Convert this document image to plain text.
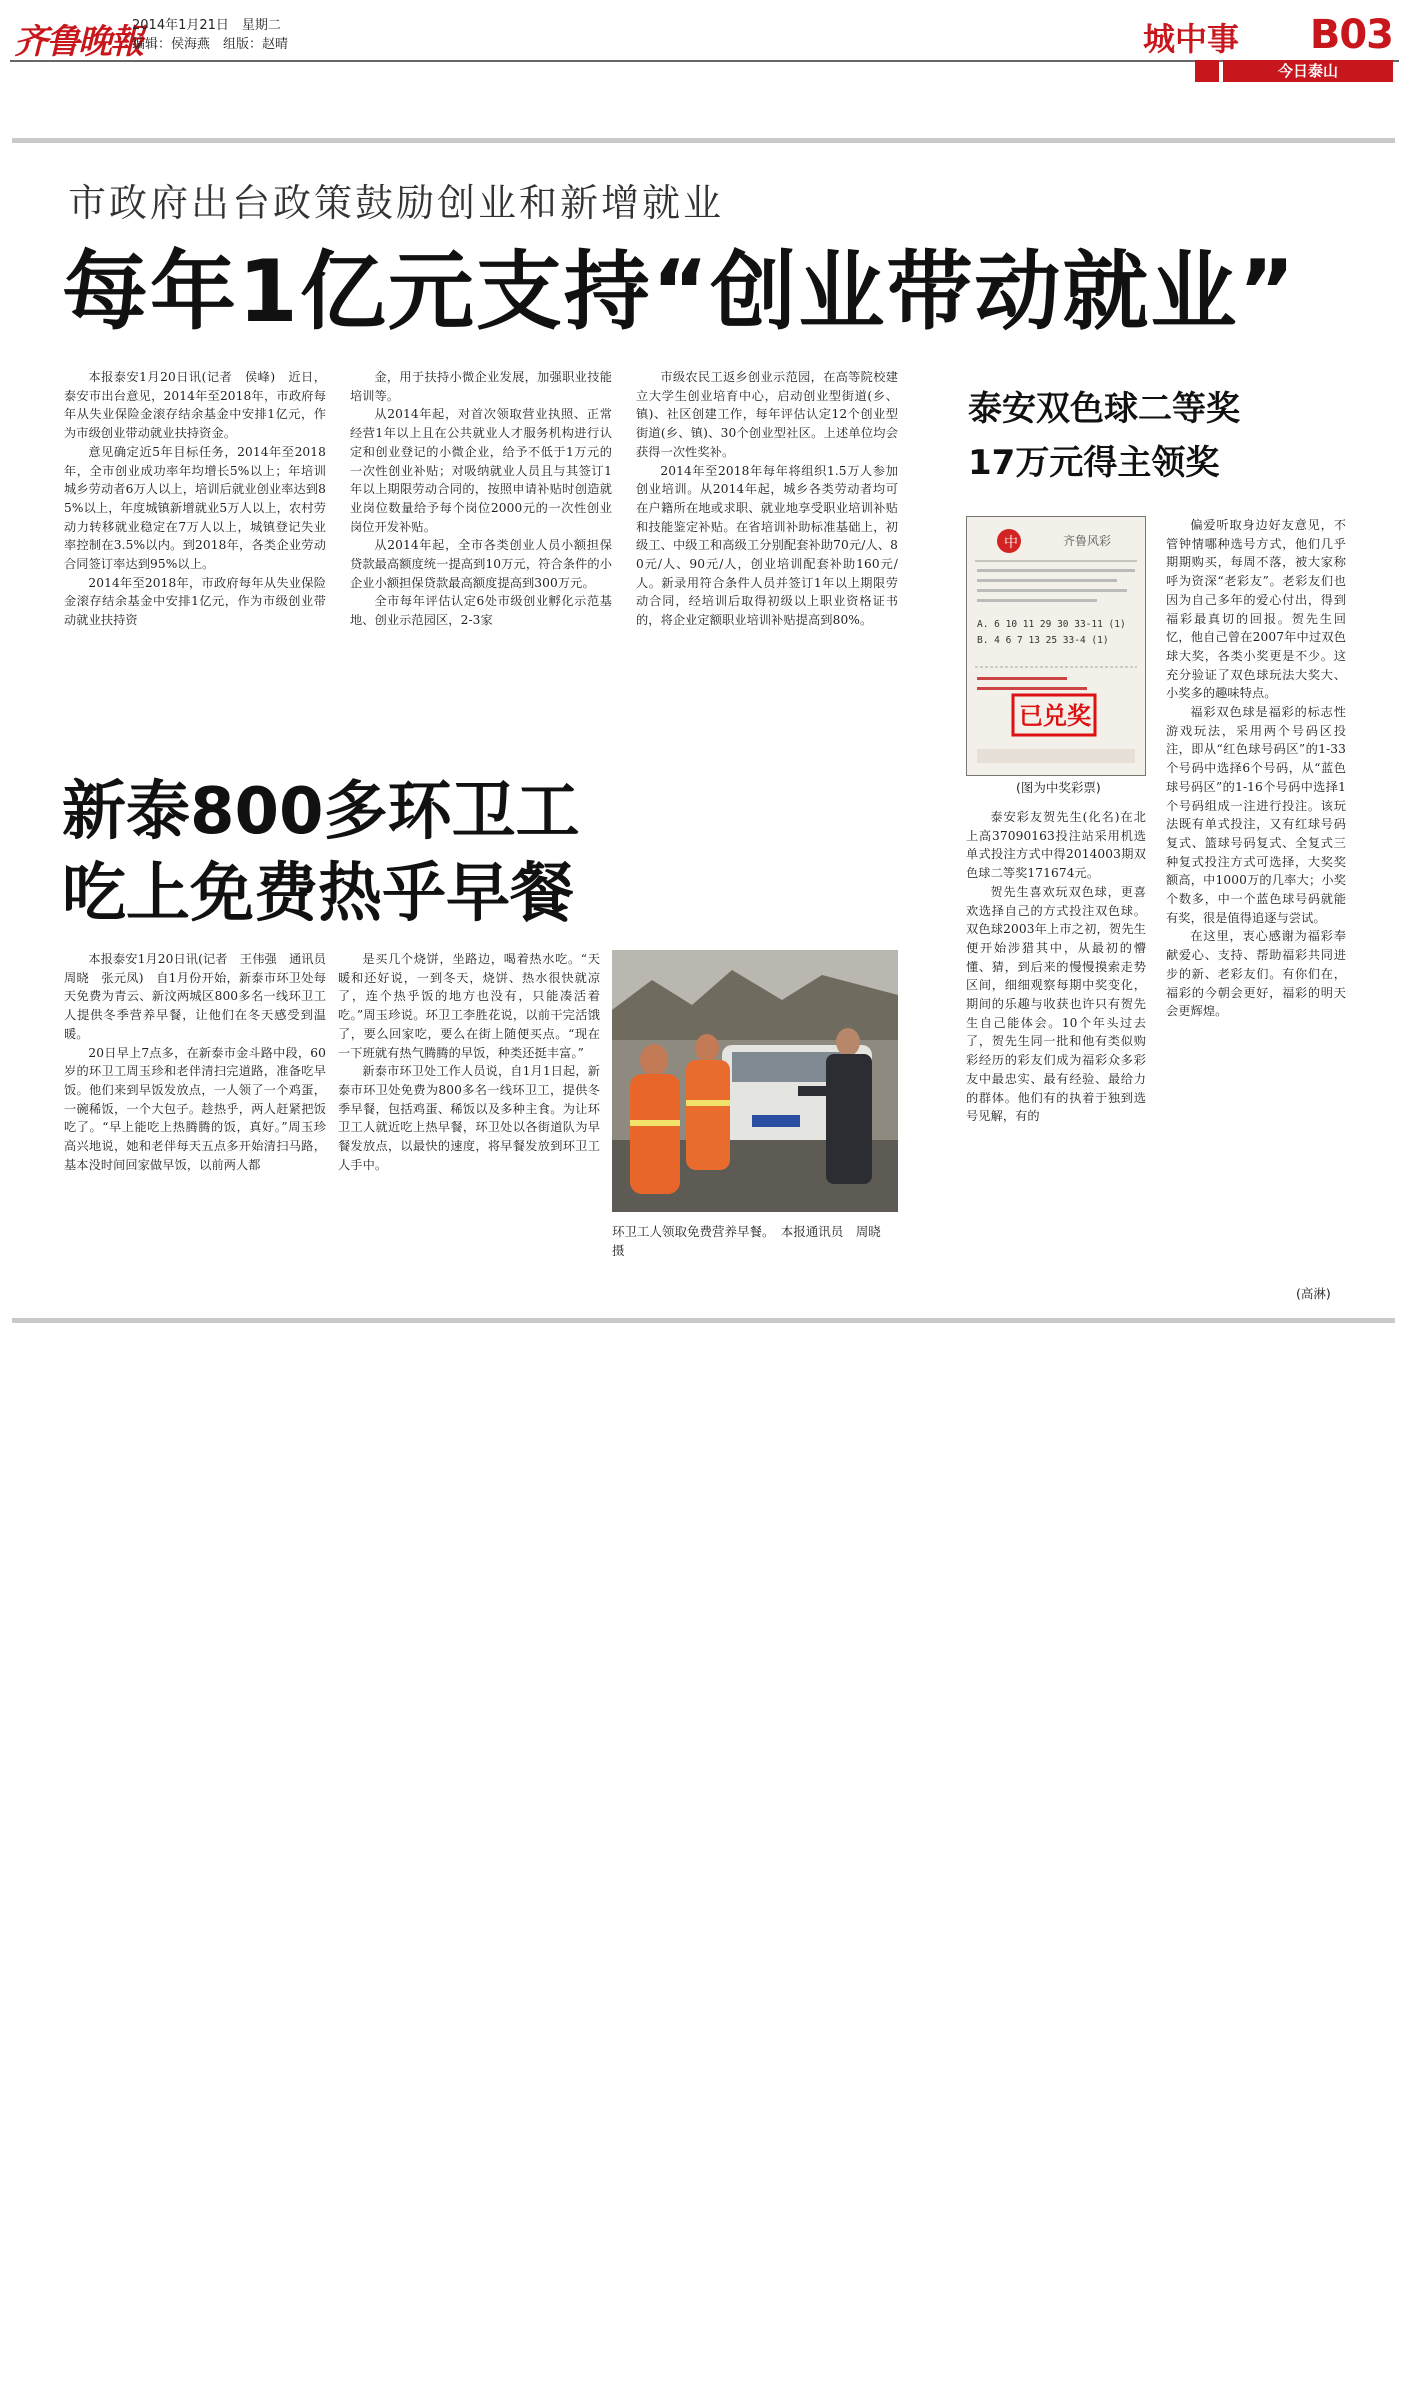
齐鲁晚報
2014年1月21日　星期二
编辑：侯海燕　组版：赵晴	城中事 B03
今日泰山
市政府出台政策鼓励创业和新增就业
每年1亿元支持“创业带动就业”

本报泰安1月20日讯(记者　侯峰)　近日，泰安市出台意见，2014年至2018年，市政府每年从失业保险金滚存结余基金中安排1亿元，作为市级创业带动就业扶持资金。

意见确定近5年目标任务，2014年至2018年，全市创业成功率年均增长5%以上；年培训城乡劳动者6万人以上，培训后就业创业率达到85%以上，年度城镇新增就业5万人以上，农村劳动力转移就业稳定在7万人以上，城镇登记失业率控制在3.5%以内。到2018年，各类企业劳动合同签订率达到95%以上。

2014年至2018年，市政府每年从失业保险金滚存结余基金中安排1亿元，作为市级创业带动就业扶持资

金，用于扶持小微企业发展，加强职业技能培训等。

从2014年起，对首次领取营业执照、正常经营1年以上且在公共就业人才服务机构进行认定和创业登记的小微企业，给予不低于1万元的一次性创业补贴；对吸纳就业人员且与其签订1年以上期限劳动合同的，按照申请补贴时创造就业岗位数量给予每个岗位2000元的一次性创业岗位开发补贴。

从2014年起，全市各类创业人员小额担保贷款最高额度统一提高到10万元，符合条件的小企业小额担保贷款最高额度提高到300万元。

全市每年评估认定6处市级创业孵化示范基地、创业示范园区，2-3家

市级农民工返乡创业示范园，在高等院校建立大学生创业培育中心，启动创业型街道(乡、镇)、社区创建工作，每年评估认定12个创业型街道(乡、镇)、30个创业型社区。上述单位均会获得一次性奖补。

2014年至2018年每年将组织1.5万人参加创业培训。从2014年起，城乡各类劳动者均可在户籍所在地或求职、就业地享受职业培训补贴和技能鉴定补贴。在省培训补助标准基础上，初级工、中级工和高级工分别配套补助70元/人、80元/人、90元/人，创业培训配套补助160元/人。新录用符合条件人员并签订1年以上期限劳动合同，经培训后取得初级以上职业资格证书的，将企业定额职业培训补贴提高到80%。

泰安双色球二等奖
17万元得主领奖
中	齐鲁风彩
A. 6 10 11 29 30 33-11 (1)
B. 4 6 7 13 25 33-4 (1)
已兑奖
(图为中奖彩票)

泰安彩友贺先生(化名)在北上高37090163投注站采用机选单式投注方式中得2014003期双色球二等奖171674元。

贺先生喜欢玩双色球，更喜欢选择自己的方式投注双色球。双色球2003年上市之初，贺先生便开始涉猎其中，从最初的懵懂、猜，到后来的慢慢摸索走势区间，细细观察每期中奖变化，期间的乐趣与收获也许只有贺先生自己能体会。10个年头过去了，贺先生同一批和他有类似购彩经历的彩友们成为福彩众多彩友中最忠实、最有经验、最给力的群体。他们有的执着于独到选号见解，有的

偏爱听取身边好友意见，不管钟情哪种选号方式，他们几乎期期购买，每周不落，被大家称呼为资深“老彩友”。老彩友们也因为自己多年的爱心付出，得到福彩最真切的回报。贺先生回忆，他自己曾在2007年中过双色球大奖，各类小奖更是不少。这充分验证了双色球玩法大奖大、小奖多的趣味特点。

福彩双色球是福彩的标志性游戏玩法，采用两个号码区投注，即从“红色球号码区”的1-33个号码中选择6个号码，从“蓝色球号码区”的1-16个号码中选择1个号码组成一注进行投注。该玩法既有单式投注，又有红球号码复式、篮球号码复式、全复式三种复式投注方式可选择，大奖奖额高，中1000万的几率大；小奖个数多，中一个蓝色球号码就能有奖，很是值得追逐与尝试。

在这里，衷心感谢为福彩奉献爱心、支持、帮助福彩共同进步的新、老彩友们。有你们在，福彩的今朝会更好，福彩的明天会更辉煌。

(高淋)
新泰800多环卫工
吃上免费热乎早餐

本报泰安1月20日讯(记者　王伟强　通讯员　周晓　张元凤)　自1月份开始，新泰市环卫处每天免费为青云、新汶两城区800多名一线环卫工人提供冬季营养早餐，让他们在冬天感受到温暖。

20日早上7点多，在新泰市金斗路中段，60岁的环卫工周玉珍和老伴清扫完道路，准备吃早饭。他们来到早饭发放点，一人领了一个鸡蛋，一碗稀饭，一个大包子。趁热乎，两人赶紧把饭吃了。“早上能吃上热腾腾的饭，真好。”周玉珍高兴地说，她和老伴每天五点多开始清扫马路，基本没时间回家做早饭，以前两人都

是买几个烧饼，坐路边，喝着热水吃。“天暖和还好说，一到冬天，烧饼、热水很快就凉了，连个热乎饭的地方也没有，只能凑活着吃。”周玉珍说。环卫工李胜花说，以前干完活饿了，要么回家吃，要么在街上随便买点。“现在一下班就有热气腾腾的早饭，种类还挺丰富。”

新泰市环卫处工作人员说，自1月1日起，新泰市环卫处免费为800多名一线环卫工，提供冬季早餐，包括鸡蛋、稀饭以及多种主食。为让环卫工人就近吃上热早餐，环卫处以各街道队为早餐发放点，以最快的速度，将早餐发放到环卫工人手中。

环卫工人领取免费营养早餐。　本报通讯员　周晓　摄
